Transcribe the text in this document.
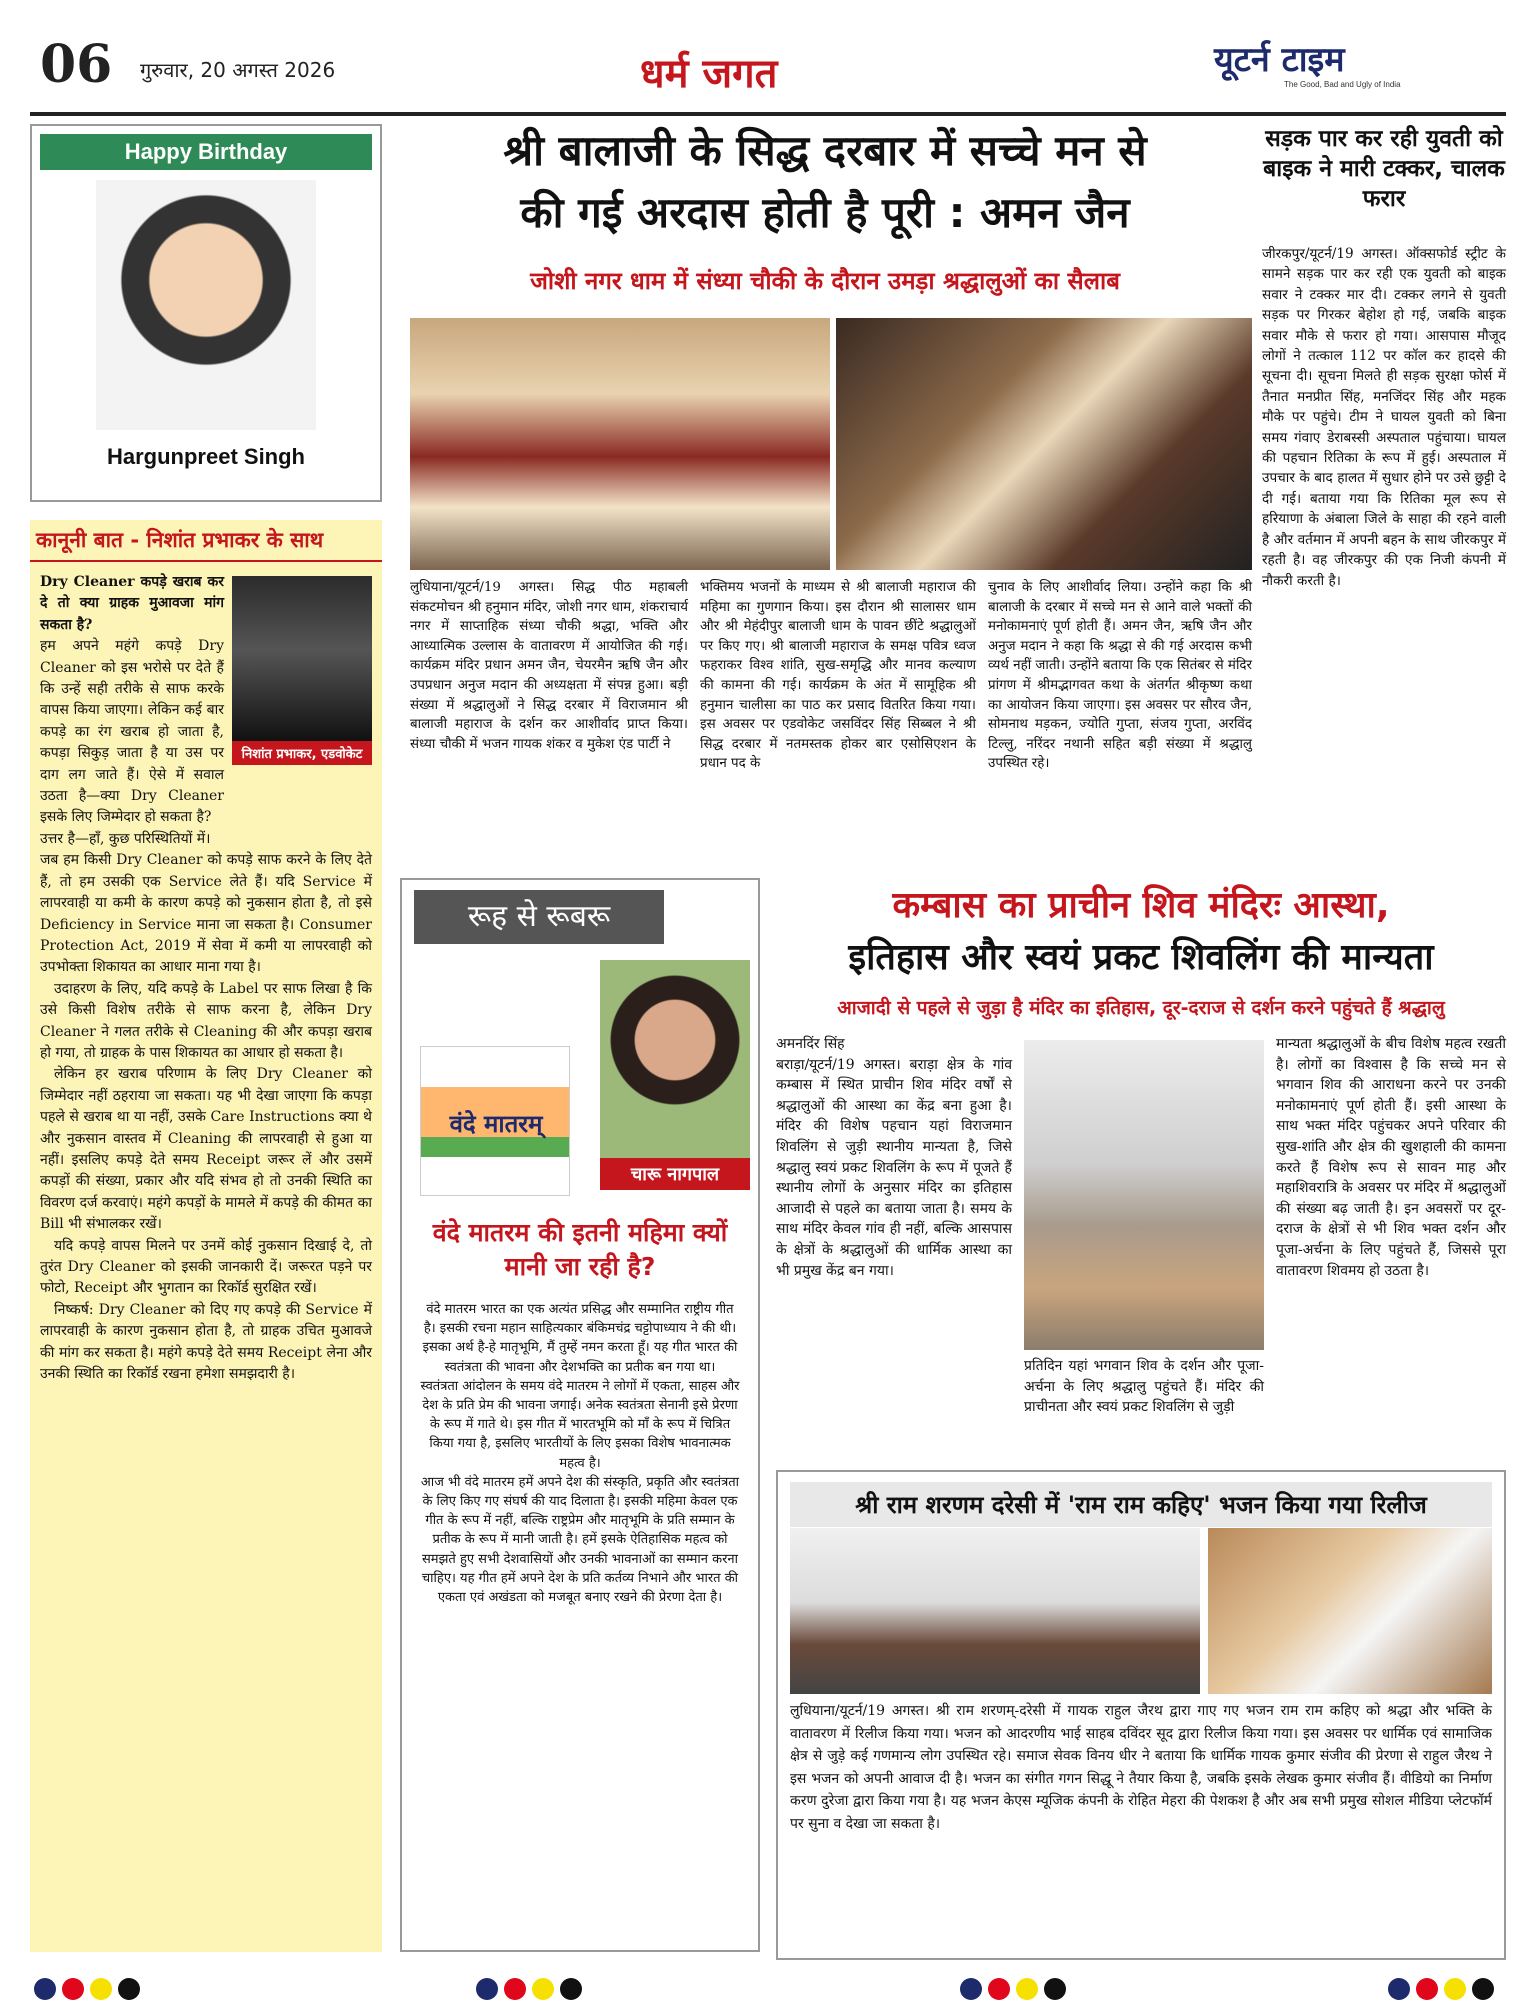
06 गुरुवार, 20 अगस्त 2026	धर्म जगत	यूटर्न टाइम
The Good, Bad and Ugly of India
Happy Birthday
Hargunpreet Singh
कानूनी बात - निशांत प्रभाकर के साथ
निशांत प्रभाकर, एडवोकेट

Dry Cleaner कपड़े खराब कर दे तो क्या ग्राहक मुआवजा मांग सकता है?

हम अपने महंगे कपड़े Dry Cleaner को इस भरोसे पर देते हैं कि उन्हें सही तरीके से साफ करके वापस किया जाएगा। लेकिन कई बार कपड़े का रंग खराब हो जाता है, कपड़ा सिकुड़ जाता है या उस पर दाग लग जाते हैं। ऐसे में सवाल उठता है—क्या Dry Cleaner इसके लिए जिम्मेदार हो सकता है?

उत्तर है—हाँ, कुछ परिस्थितियों में।

जब हम किसी Dry Cleaner को कपड़े साफ करने के लिए देते हैं, तो हम उसकी एक Service लेते हैं। यदि Service में लापरवाही या कमी के कारण कपड़े को नुकसान होता है, तो इसे Deficiency in Service माना जा सकता है। Consumer Protection Act, 2019 में सेवा में कमी या लापरवाही को उपभोक्ता शिकायत का आधार माना गया है।

उदाहरण के लिए, यदि कपड़े के Label पर साफ लिखा है कि उसे किसी विशेष तरीके से साफ करना है, लेकिन Dry Cleaner ने गलत तरीके से Cleaning की और कपड़ा खराब हो गया, तो ग्राहक के पास शिकायत का आधार हो सकता है।

लेकिन हर खराब परिणाम के लिए Dry Cleaner को जिम्मेदार नहीं ठहराया जा सकता। यह भी देखा जाएगा कि कपड़ा पहले से खराब था या नहीं, उसके Care Instructions क्या थे और नुकसान वास्तव में Cleaning की लापरवाही से हुआ या नहीं। इसलिए कपड़े देते समय Receipt जरूर लें और उसमें कपड़ों की संख्या, प्रकार और यदि संभव हो तो उनकी स्थिति का विवरण दर्ज करवाएं। महंगे कपड़ों के मामले में कपड़े की कीमत का Bill भी संभालकर रखें।

यदि कपड़े वापस मिलने पर उनमें कोई नुकसान दिखाई दे, तो तुरंत Dry Cleaner को इसकी जानकारी दें। जरूरत पड़ने पर फोटो, Receipt और भुगतान का रिकॉर्ड सुरक्षित रखें।

निष्कर्ष: Dry Cleaner को दिए गए कपड़े की Service में लापरवाही के कारण नुकसान होता है, तो ग्राहक उचित मुआवजे की मांग कर सकता है। महंगे कपड़े देते समय Receipt लेना और उनकी स्थिति का रिकॉर्ड रखना हमेशा समझदारी है।

श्री बालाजी के सिद्ध दरबार में सच्चे मन से
की गई अरदास होती है पूरी : अमन जैन
जोशी नगर धाम में संध्या चौकी के दौरान उमड़ा श्रद्धालुओं का सैलाब
लुधियाना/यूटर्न/19 अगस्त। सिद्ध पीठ महाबली संकटमोचन श्री हनुमान मंदिर, जोशी नगर धाम, शंकराचार्य नगर में साप्ताहिक संध्या चौकी श्रद्धा, भक्ति और आध्यात्मिक उल्लास के वातावरण में आयोजित की गई। कार्यक्रम मंदिर प्रधान अमन जैन, चेयरमैन ऋषि जैन और उपप्रधान अनुज मदान की अध्यक्षता में संपन्न हुआ। बड़ी संख्या में श्रद्धालुओं ने सिद्ध दरबार में विराजमान श्री बालाजी महाराज के दर्शन कर आशीर्वाद प्राप्त किया। संध्या चौकी में भजन गायक शंकर व मुकेश एंड पार्टी ने
भक्तिमय भजनों के माध्यम से श्री बालाजी महाराज की महिमा का गुणगान किया। इस दौरान श्री सालासर धाम और श्री मेहंदीपुर बालाजी धाम के पावन छींटे श्रद्धालुओं पर किए गए। श्री बालाजी महाराज के समक्ष पवित्र ध्वज फहराकर विश्व शांति, सुख-समृद्धि और मानव कल्याण की कामना की गई। कार्यक्रम के अंत में सामूहिक श्री हनुमान चालीसा का पाठ कर प्रसाद वितरित किया गया। इस अवसर पर एडवोकेट जसविंदर सिंह सिब्बल ने श्री सिद्ध दरबार में नतमस्तक होकर बार एसोसिएशन के प्रधान पद के
चुनाव के लिए आशीर्वाद लिया। उन्होंने कहा कि श्री बालाजी के दरबार में सच्चे मन से आने वाले भक्तों की मनोकामनाएं पूर्ण होती हैं। अमन जैन, ऋषि जैन और अनुज मदान ने कहा कि श्रद्धा से की गई अरदास कभी व्यर्थ नहीं जाती। उन्होंने बताया कि एक सितंबर से मंदिर प्रांगण में श्रीमद्भागवत कथा के अंतर्गत श्रीकृष्ण कथा का आयोजन किया जाएगा। इस अवसर पर सौरव जैन, सोमनाथ मड़कन, ज्योति गुप्ता, संजय गुप्ता, अरविंद टिल्लु, नरिंदर नथानी सहित बड़ी संख्या में श्रद्धालु उपस्थित रहे।
सड़क पार कर रही युवती को बाइक ने मारी टक्कर, चालक फरार
जीरकपुर/यूटर्न/19 अगस्त। ऑक्सफोर्ड स्ट्रीट के सामने सड़क पार कर रही एक युवती को बाइक सवार ने टक्कर मार दी। टक्कर लगने से युवती सड़क पर गिरकर बेहोश हो गई, जबकि बाइक सवार मौके से फरार हो गया। आसपास मौजूद लोगों ने तत्काल 112 पर कॉल कर हादसे की सूचना दी। सूचना मिलते ही सड़क सुरक्षा फोर्स में तैनात मनप्रीत सिंह, मनजिंदर सिंह और महक मौके पर पहुंचे। टीम ने घायल युवती को बिना समय गंवाए डेराबस्सी अस्पताल पहुंचाया। घायल की पहचान रितिका के रूप में हुई। अस्पताल में उपचार के बाद हालत में सुधार होने पर उसे छुट्टी दे दी गई। बताया गया कि रितिका मूल रूप से हरियाणा के अंबाला जिले के साहा की रहने वाली है और वर्तमान में अपनी बहन के साथ जीरकपुर में रहती है। वह जीरकपुर की एक निजी कंपनी में नौकरी करती है।
रूह से रूबरू
चारू नागपाल
वंदे मातरम्
वंदे मातरम की इतनी महिमा क्यों मानी जा रही है?

वंदे मातरम भारत का एक अत्यंत प्रसिद्ध और सम्मानित राष्ट्रीय गीत है। इसकी रचना महान साहित्यकार बंकिमचंद्र चट्टोपाध्याय ने की थी। इसका अर्थ है-हे मातृभूमि, मैं तुम्हें नमन करता हूँ। यह गीत भारत की स्वतंत्रता की भावना और देशभक्ति का प्रतीक बन गया था।

स्वतंत्रता आंदोलन के समय वंदे मातरम ने लोगों में एकता, साहस और देश के प्रति प्रेम की भावना जगाई। अनेक स्वतंत्रता सेनानी इसे प्रेरणा के रूप में गाते थे। इस गीत में भारतभूमि को माँ के रूप में चित्रित किया गया है, इसलिए भारतीयों के लिए इसका विशेष भावनात्मक महत्व है।

आज भी वंदे मातरम हमें अपने देश की संस्कृति, प्रकृति और स्वतंत्रता के लिए किए गए संघर्ष की याद दिलाता है। इसकी महिमा केवल एक गीत के रूप में नहीं, बल्कि राष्ट्रप्रेम और मातृभूमि के प्रति सम्मान के प्रतीक के रूप में मानी जाती है। हमें इसके ऐतिहासिक महत्व को समझते हुए सभी देशवासियों और उनकी भावनाओं का सम्मान करना चाहिए। यह गीत हमें अपने देश के प्रति कर्तव्य निभाने और भारत की एकता एवं अखंडता को मजबूत बनाए रखने की प्रेरणा देता है।

कम्बास का प्राचीन शिव मंदिरः आस्था,
इतिहास और स्वयं प्रकट शिवलिंग की मान्यता
आजादी से पहले से जुड़ा है मंदिर का इतिहास, दूर-दराज से दर्शन करने पहुंचते हैं श्रद्धालु
अमनदिंर सिंह
बराड़ा/यूटर्न/19 अगस्त। बराड़ा क्षेत्र के गांव कम्बास में स्थित प्राचीन शिव मंदिर वर्षों से श्रद्धालुओं की आस्था का केंद्र बना हुआ है। मंदिर की विशेष पहचान यहां विराजमान शिवलिंग से जुड़ी स्थानीय मान्यता है, जिसे श्रद्धालु स्वयं प्रकट शिवलिंग के रूप में पूजते हैं स्थानीय लोगों के अनुसार मंदिर का इतिहास आजादी से पहले का बताया जाता है। समय के साथ मंदिर केवल गांव ही नहीं, बल्कि आसपास के क्षेत्रों के श्रद्धालुओं की धार्मिक आस्था का भी प्रमुख केंद्र बन गया।
प्रतिदिन यहां भगवान शिव के दर्शन और पूजा-अर्चना के लिए श्रद्धालु पहुंचते हैं। मंदिर की प्राचीनता और स्वयं प्रकट शिवलिंग से जुड़ी
मान्यता श्रद्धालुओं के बीच विशेष महत्व रखती है। लोगों का विश्वास है कि सच्चे मन से भगवान शिव की आराधना करने पर उनकी मनोकामनाएं पूर्ण होती हैं। इसी आस्था के साथ भक्त मंदिर पहुंचकर अपने परिवार की सुख-शांति और क्षेत्र की खुशहाली की कामना करते हैं विशेष रूप से सावन माह और महाशिवरात्रि के अवसर पर मंदिर में श्रद्धालुओं की संख्या बढ़ जाती है। इन अवसरों पर दूर-दराज के क्षेत्रों से भी शिव भक्त दर्शन और पूजा-अर्चना के लिए पहुंचते हैं, जिससे पूरा वातावरण शिवमय हो उठता है।
श्री राम शरणम दरेसी में 'राम राम कहिए' भजन किया गया रिलीज
लुधियाना/यूटर्न/19 अगस्त। श्री राम शरणम्-दरेसी में गायक राहुल जैरथ द्वारा गाए गए भजन राम राम कहिए को श्रद्धा और भक्ति के वातावरण में रिलीज किया गया। भजन को आदरणीय भाई साहब दविंदर सूद द्वारा रिलीज किया गया। इस अवसर पर धार्मिक एवं सामाजिक क्षेत्र से जुड़े कई गणमान्य लोग उपस्थित रहे। समाज सेवक विनय धीर ने बताया कि धार्मिक गायक कुमार संजीव की प्रेरणा से राहुल जैरथ ने इस भजन को अपनी आवाज दी है। भजन का संगीत गगन सिद्धू ने तैयार किया है, जबकि इसके लेखक कुमार संजीव हैं। वीडियो का निर्माण करण दुरेजा द्वारा किया गया है। यह भजन केएस म्यूजिक कंपनी के रोहित मेहरा की पेशकश है और अब सभी प्रमुख सोशल मीडिया प्लेटफॉर्म पर सुना व देखा जा सकता है।
